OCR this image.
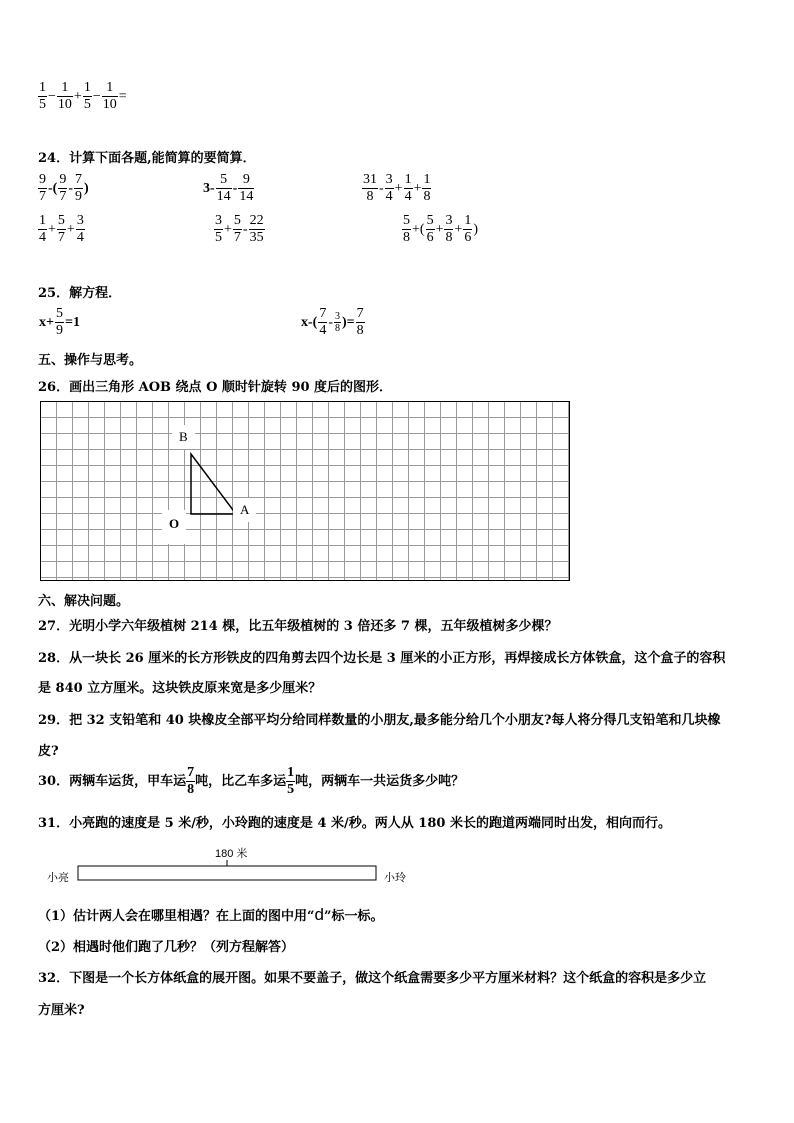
$\frac{1}{5} - \frac{1}{10} + \frac{1}{5} - \frac{1}{10}$ =
24．计算下面各题,能简算的要简算．
$\frac{9}{7}$ -( $\frac{9}{7} - \frac{7}{9}$ )	$3- \frac{5}{14} - \frac{9}{14}$	$\frac{31}{8} - \frac{3}{4} + \frac{1}{4} + \frac{1}{8}$
$\frac{1}{4} + \frac{5}{7} + \frac{3}{4}$	$\frac{3}{5} + \frac{5}{7} - \frac{22}{35}$	$\frac{5}{8}$ +( $\frac{5}{6} + \frac{3}{8} + \frac{1}{6}$ )
25．解方程．
$x+ \frac{5}{9} =1$	$x-( \frac{7}{4} - \frac{3}{8}$ )= $\frac{7}{8}$
五、操作与思考。
26．画出三角形 AOB 绕点 O 顺时针旋转 90 度后的图形．
B
A
O
六、解决问题。
27．光明小学六年级植树 214 棵，比五年级植树的 3 倍还多 7 棵，五年级植树多少棵？
28．从一块长 26 厘米的长方形铁皮的四角剪去四个边长是 3 厘米的小正方形，再焊接成长方体铁盒，这个盒子的容积
是 840 立方厘米。这块铁皮原来宽是多少厘米？
29．把 32 支铅笔和 40 块橡皮全部平均分给同样数量的小朋友,最多能分给几个小朋友?每人将分得几支铅笔和几块橡
皮?
30．两辆车运货，甲车运 $\frac{7}{8}$ 吨，比乙车多运 $\frac{1}{5}$ 吨，两辆车一共运货多少吨？
31．小亮跑的速度是 5 米/秒，小玲跑的速度是 4 米/秒。两人从 180 米长的跑道两端同时出发，相向而行。
180 米
小亮	小玲
（1）估计两人会在哪里相遇？在上面的图中用“d”标一标。
（2）相遇时他们跑了几秒？（列方程解答）
32．下图是一个长方体纸盒的展开图。如果不要盖子，做这个纸盒需要多少平方厘米材料？这个纸盒的容积是多少立
方厘米?
